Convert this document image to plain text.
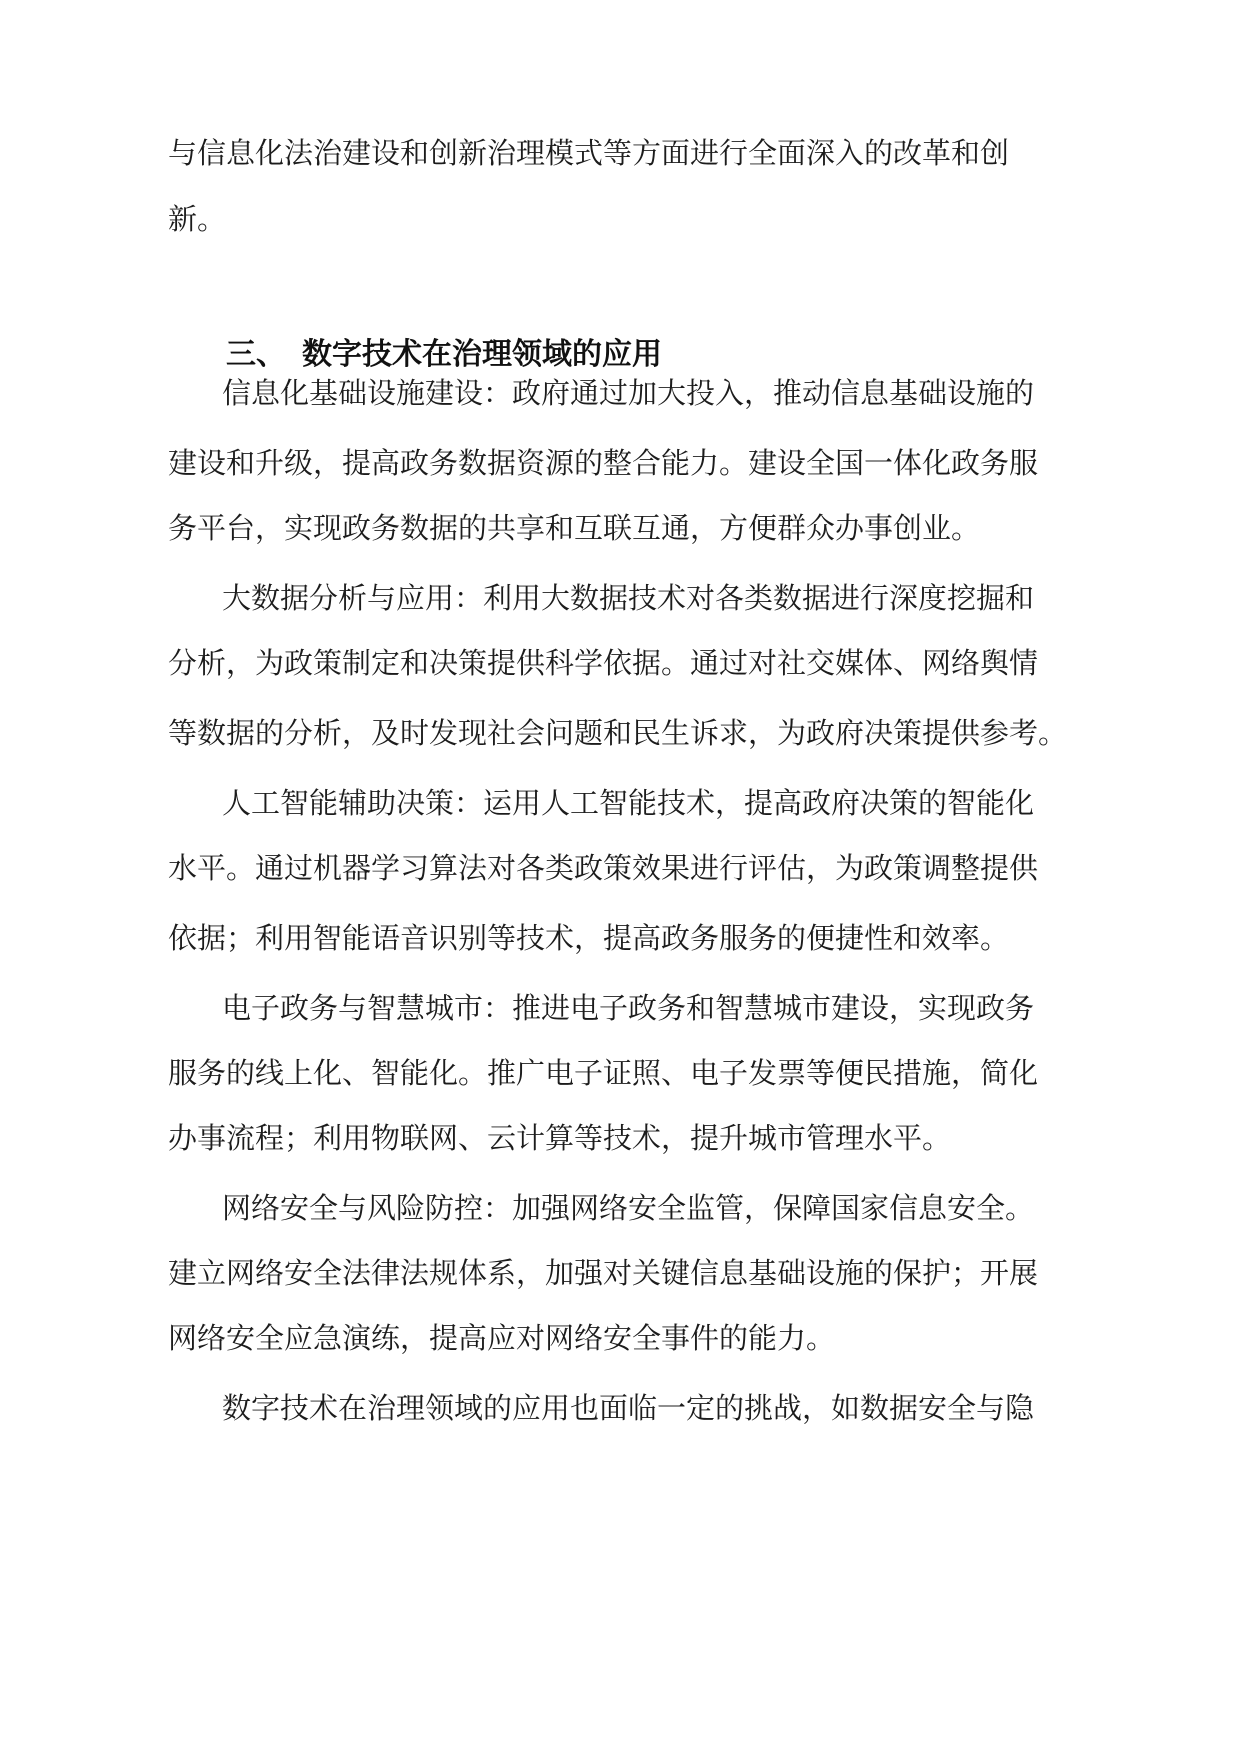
与信息化法治建设和创新治理模式等方面进行全面深入的改革和创
新。
三、 数字技术在治理领域的应用
信息化基础设施建设：政府通过加大投入，推动信息基础设施的
建设和升级，提高政务数据资源的整合能力。建设全国一体化政务服
务平台，实现政务数据的共享和互联互通，方便群众办事创业。
大数据分析与应用：利用大数据技术对各类数据进行深度挖掘和
分析，为政策制定和决策提供科学依据。通过对社交媒体、网络舆情
等数据的分析，及时发现社会问题和民生诉求，为政府决策提供参考。
人工智能辅助决策：运用人工智能技术，提高政府决策的智能化
水平。通过机器学习算法对各类政策效果进行评估，为政策调整提供
依据；利用智能语音识别等技术，提高政务服务的便捷性和效率。
电子政务与智慧城市：推进电子政务和智慧城市建设，实现政务
服务的线上化、智能化。推广电子证照、电子发票等便民措施，简化
办事流程；利用物联网、云计算等技术，提升城市管理水平。
网络安全与风险防控：加强网络安全监管，保障国家信息安全。
建立网络安全法律法规体系，加强对关键信息基础设施的保护；开展
网络安全应急演练，提高应对网络安全事件的能力。
数字技术在治理领域的应用也面临一定的挑战，如数据安全与隐
